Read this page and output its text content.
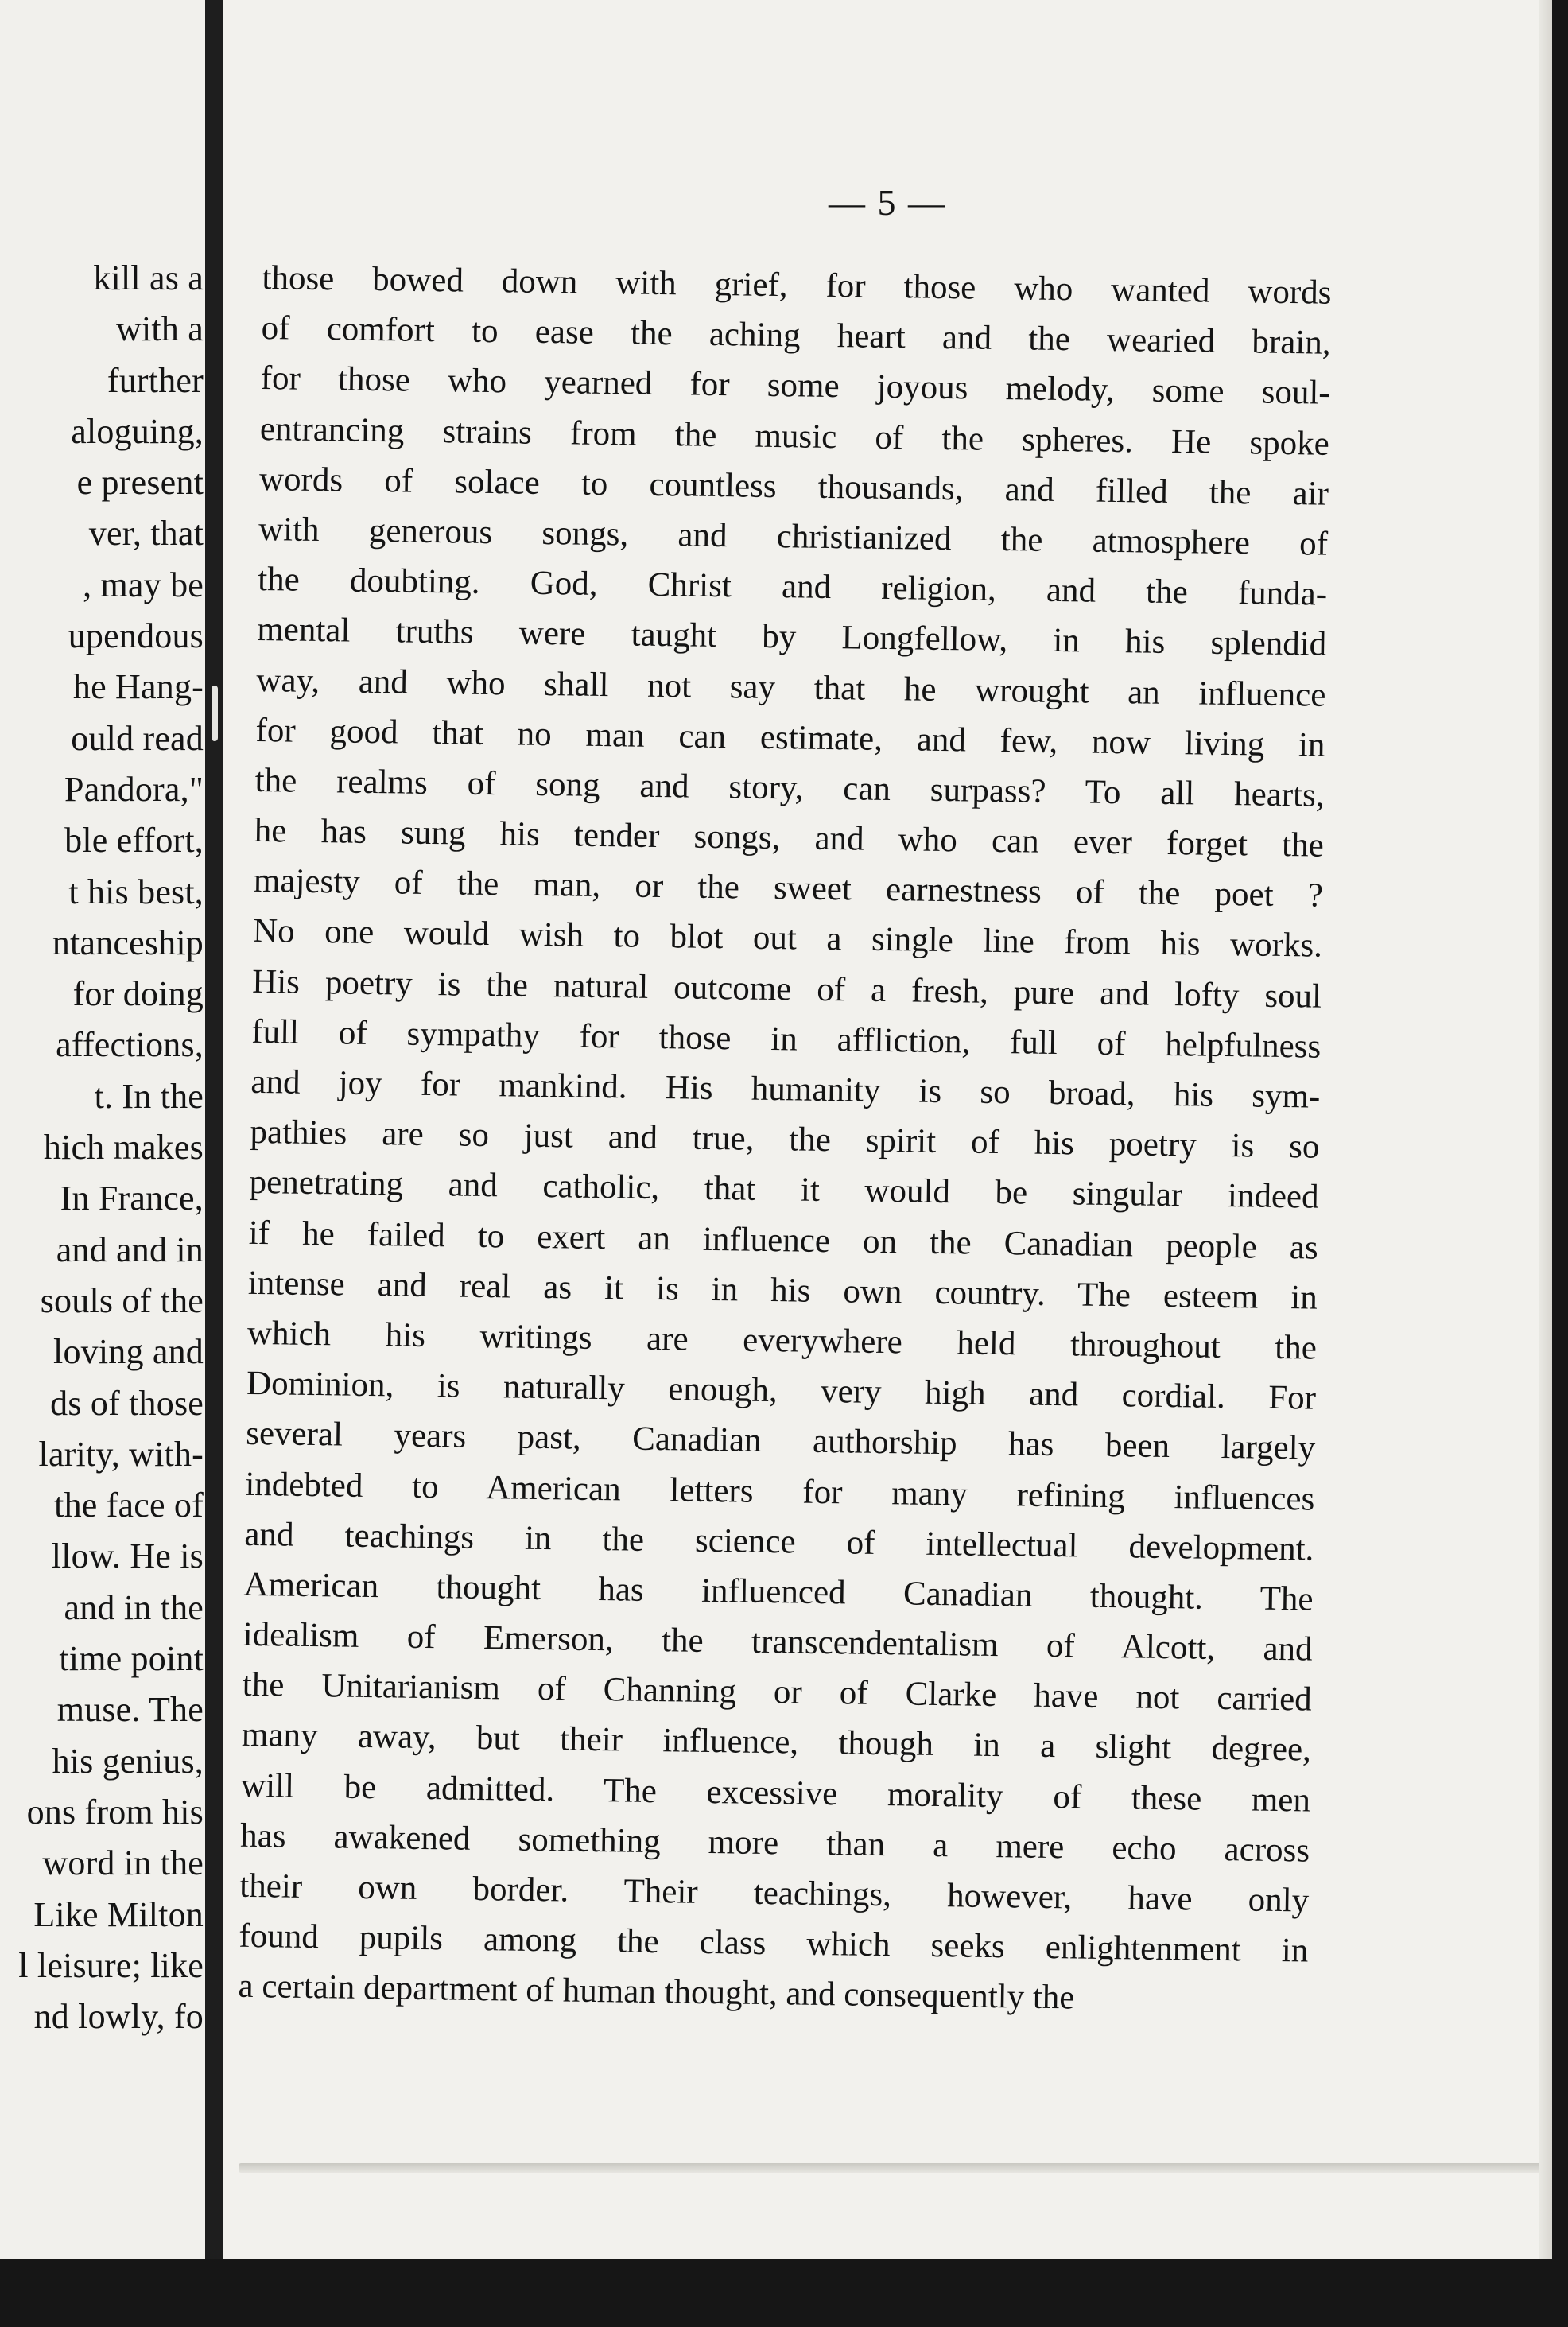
kill as a
with a
further
aloguing,
e present
ver, that
, may be
upendous
he Hang-
ould read
Pandora,"
ble effort,
t his best,
ntanceship
for doing
affections,
t. In the
hich makes
In France,
and and in
souls of the
loving and
ds of those
larity, with-
the face of
llow. He is
and in the
time point
muse. The
his genius,
ons from his
word in the
Like Milton
l leisure; like
nd lowly, fo
— 5 —
those bowed down with grief, for those who wanted words
of comfort to ease the aching heart and the wearied brain,
for those who yearned for some joyous melody, some soul-
entrancing strains from the music of the spheres. He spoke
words of solace to countless thousands, and filled the air
with generous songs, and christianized the atmosphere of
the doubting. God, Christ and religion, and the funda-
mental truths were taught by Longfellow, in his splendid
way, and who shall not say that he wrought an influence
for good that no man can estimate, and few, now living in
the realms of song and story, can surpass? To all hearts,
he has sung his tender songs, and who can ever forget the
majesty of the man, or the sweet earnestness of the poet ?
No one would wish to blot out a single line from his works.
His poetry is the natural outcome of a fresh, pure and lofty soul
full of sympathy for those in affliction, full of helpfulness
and joy for mankind. His humanity is so broad, his sym-
pathies are so just and true, the spirit of his poetry is so
penetrating and catholic, that it would be singular indeed
if he failed to exert an influence on the Canadian people as
intense and real as it is in his own country. The esteem in
which his writings are everywhere held throughout the
Dominion, is naturally enough, very high and cordial. For
several years past, Canadian authorship has been largely
indebted to American letters for many refining influences
and teachings in the science of intellectual development.
American thought has influenced Canadian thought. The
idealism of Emerson, the transcendentalism of Alcott, and
the Unitarianism of Channing or of Clarke have not carried
many away, but their influence, though in a slight degree,
will be admitted. The excessive morality of these men
has awakened something more than a mere echo across
their own border. Their teachings, however, have only
found pupils among the class which seeks enlightenment in
a certain department of human thought, and consequently the
